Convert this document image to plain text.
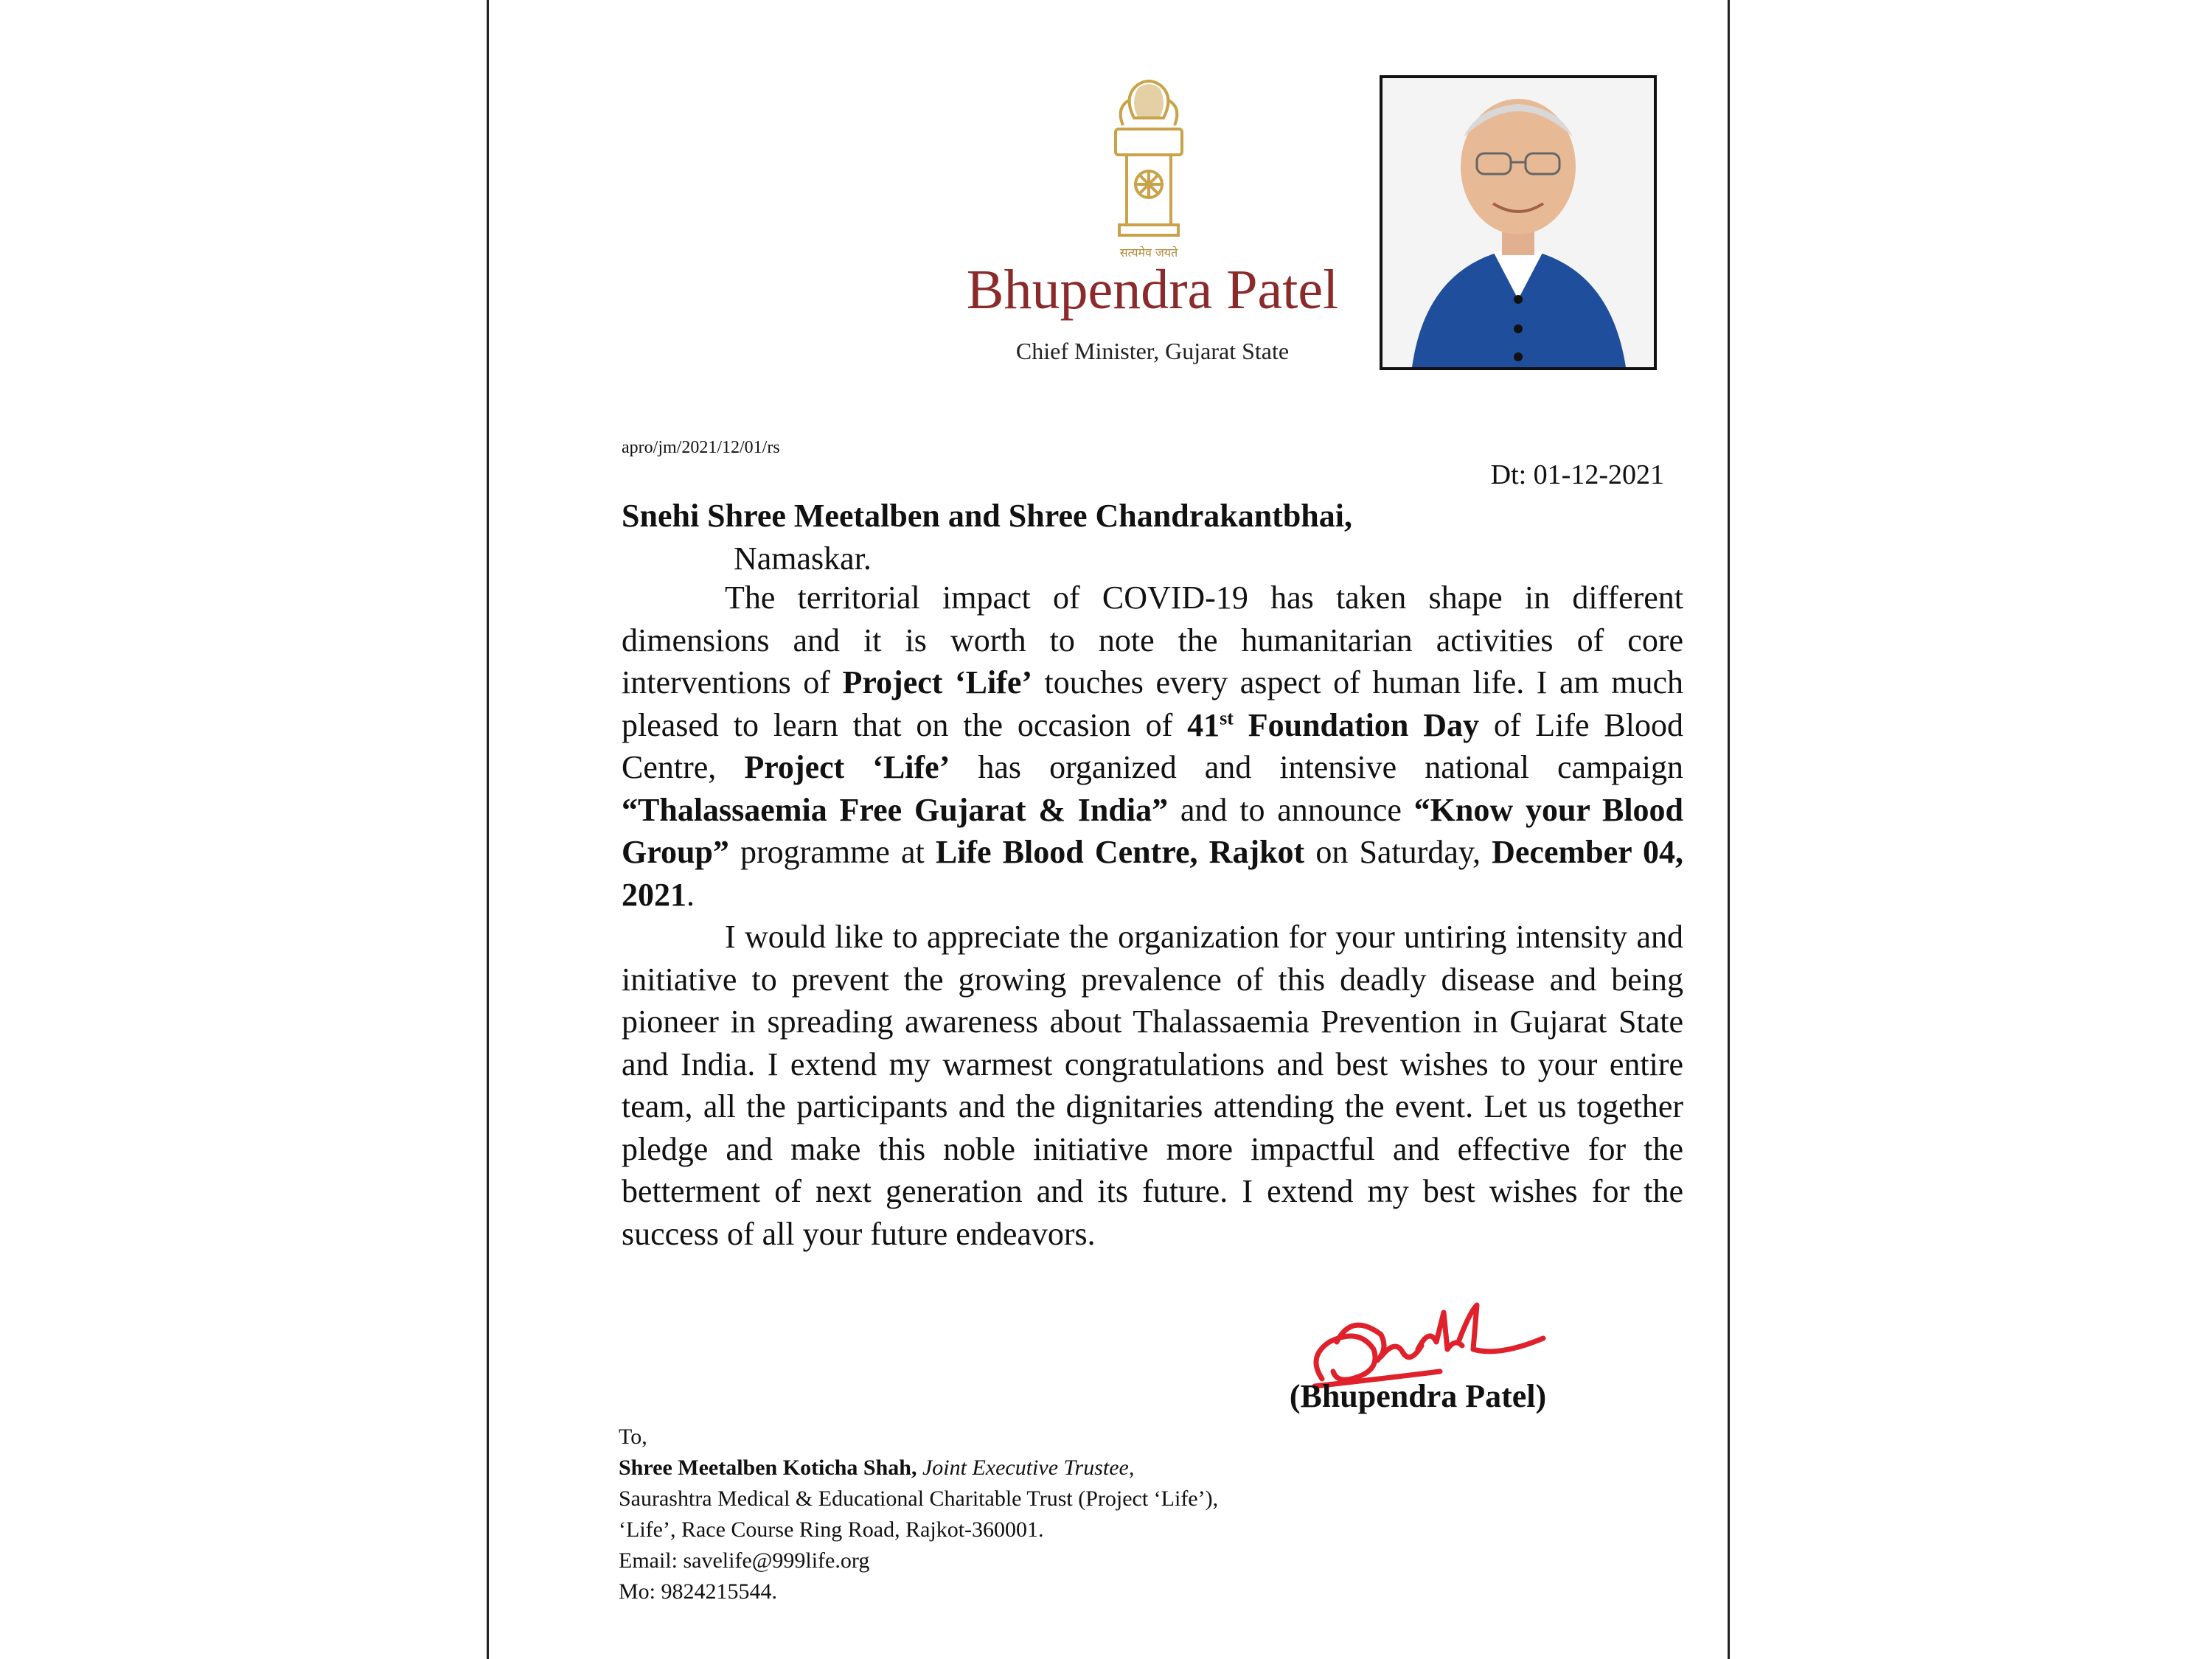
सत्यमेव जयते
Bhupendra Patel
Chief Minister, Gujarat State
apro/jm/2021/12/01/rs
Dt: 01-12-2021
Snehi Shree Meetalben and Shree Chandrakantbhai,
Namaskar.

The territorial impact of COVID-19 has taken shape in different dimensions and it is worth to note the humanitarian activities of core interventions of Project ‘Life’ touches every aspect of human life. I am much pleased to learn that on the occasion of 41st Foundation Day of Life Blood Centre, Project ‘Life’ has organized and intensive national campaign “Thalassaemia Free Gujarat & India” and to announce “Know your Blood Group” programme at Life Blood Centre, Rajkot on Saturday, December 04, 2021.

I would like to appreciate the organization for your untiring intensity and initiative to prevent the growing prevalence of this deadly disease and being pioneer in spreading awareness about Thalassaemia Prevention in Gujarat State and India. I extend my warmest congratulations and best wishes to your entire team, all the participants and the dignitaries attending the event. Let us together pledge and make this noble initiative more impactful and effective for the betterment of next generation and its future. I extend my best wishes for the success of all your future endeavors.

(Bhupendra Patel)
To,
Shree Meetalben Koticha Shah, Joint Executive Trustee,
Saurashtra Medical & Educational Charitable Trust (Project ‘Life’),
‘Life’, Race Course Ring Road, Rajkot-360001.
Email: savelife@999life.org
Mo: 9824215544.
